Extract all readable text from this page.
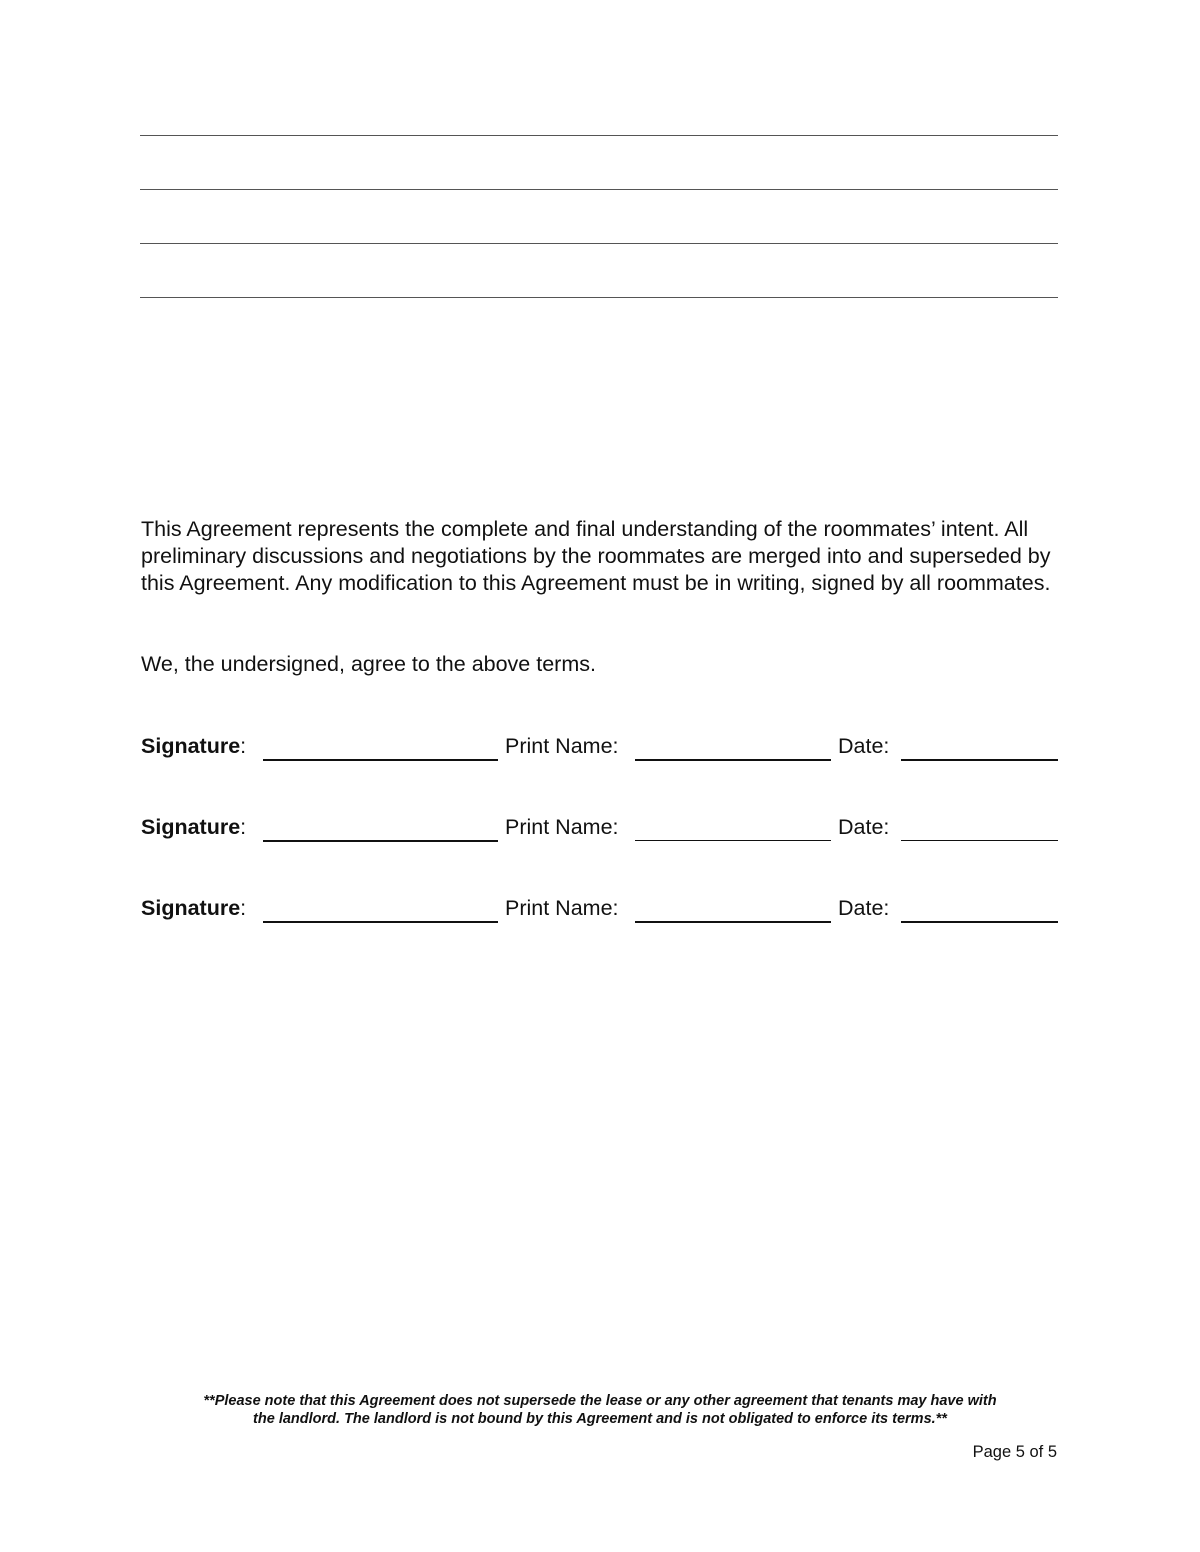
This Agreement represents the complete and final understanding of the roommates’ intent. All preliminary discussions and negotiations by the roommates are merged into and superseded by this Agreement. Any modification to this Agreement must be in writing, signed by all roommates.

We, the undersigned, agree to the above terms.

Signature:	Print Name:	Date:
Signature:	Print Name:	Date:
Signature:	Print Name:	Date:
**Please note that this Agreement does not supersede the lease or any other agreement that tenants may have with
the landlord. The landlord is not bound by this Agreement and is not obligated to enforce its terms.**
Page 5 of 5
